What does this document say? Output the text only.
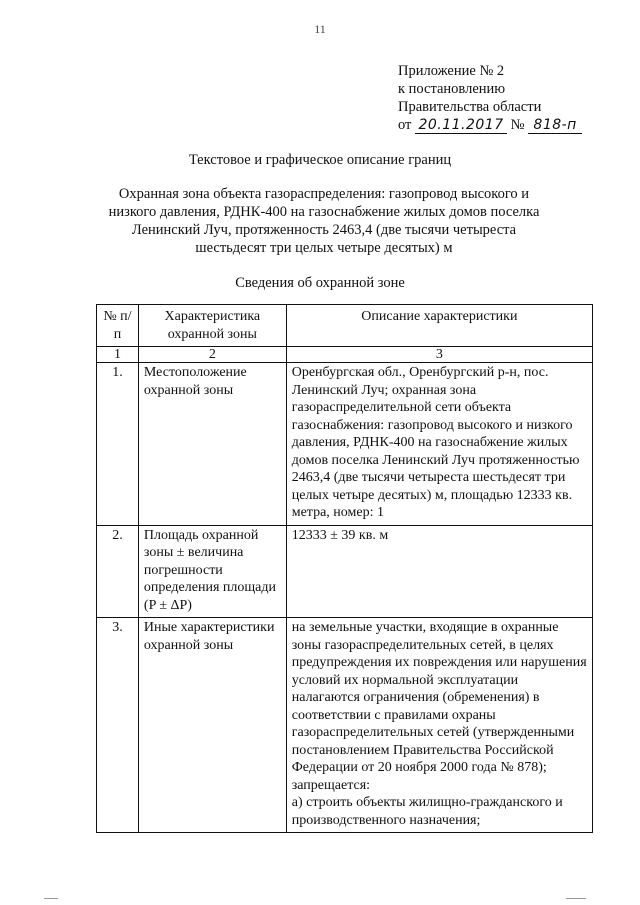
11
Приложение № 2
к постановлению
Правительства области
от 20.11.2017 № 818-п
Текстовое и графическое описание границ
Охранная зона объекта газораспределения: газопровод высокого и низкого давления, РДНК-400 на газоснабжение жилых домов поселка Ленинский Луч, протяженность 2463,4 (две тысячи четыреста шестьдесят три целых четыре десятых) м
Сведения об охранной зоне
№ п/п	Характеристика охранной зоны	Описание характеристики
1	2	3
1.	Местоположение охранной зоны	Оренбургская обл., Оренбургский р-н, пос. Ленинский Луч; охранная зона газораспределительной сети объекта газоснабжения: газопровод высокого и низкого давления, РДНК-400 на газоснабжение жилых домов поселка Ленинский Луч протяженностью 2463,4 (две тысячи четыреста шестьдесят три целых четыре десятых) м, площадью 12333 кв. метра, номер: 1
2.	Площадь охранной зоны ± величина погрешности определения площади (P ± ΔP)	12333 ± 39 кв. м
3.	Иные характеристики охранной зоны	на земельные участки, входящие в охранные зоны газораспределительных сетей, в целях предупреждения их повреждения или нарушения условий их нормальной эксплуатации налагаются ограничения (обременения) в соответствии с правилами охраны газораспределительных сетей (утвержденными постановлением Правительства Российской Федерации от 20 ноября 2000 года № 878);
запрещается:
а) строить объекты жилищно-гражданского и производственного назначения;
